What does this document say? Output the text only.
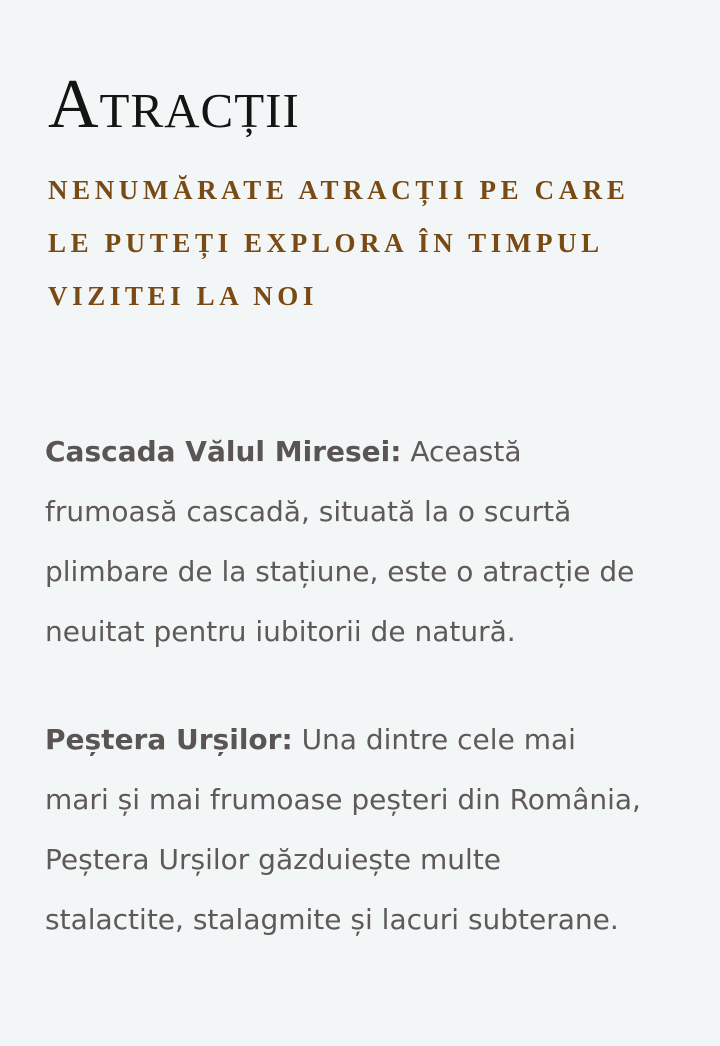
Atracții
NENUMĂRATE ATRACȚII PE CARE LE PUTEȚI EXPLORA ÎN TIMPUL VIZITEI LA NOI

Cascada Vălul Miresei: Această frumoasă cascadă, situată la o scurtă plimbare de la stațiune, este o atracție de neuitat pentru iubitorii de natură.

Peștera Urșilor: Una dintre cele mai mari și mai frumoase peșteri din România, Peștera Urșilor găzduiește multe stalactite, stalagmite și lacuri subterane.
